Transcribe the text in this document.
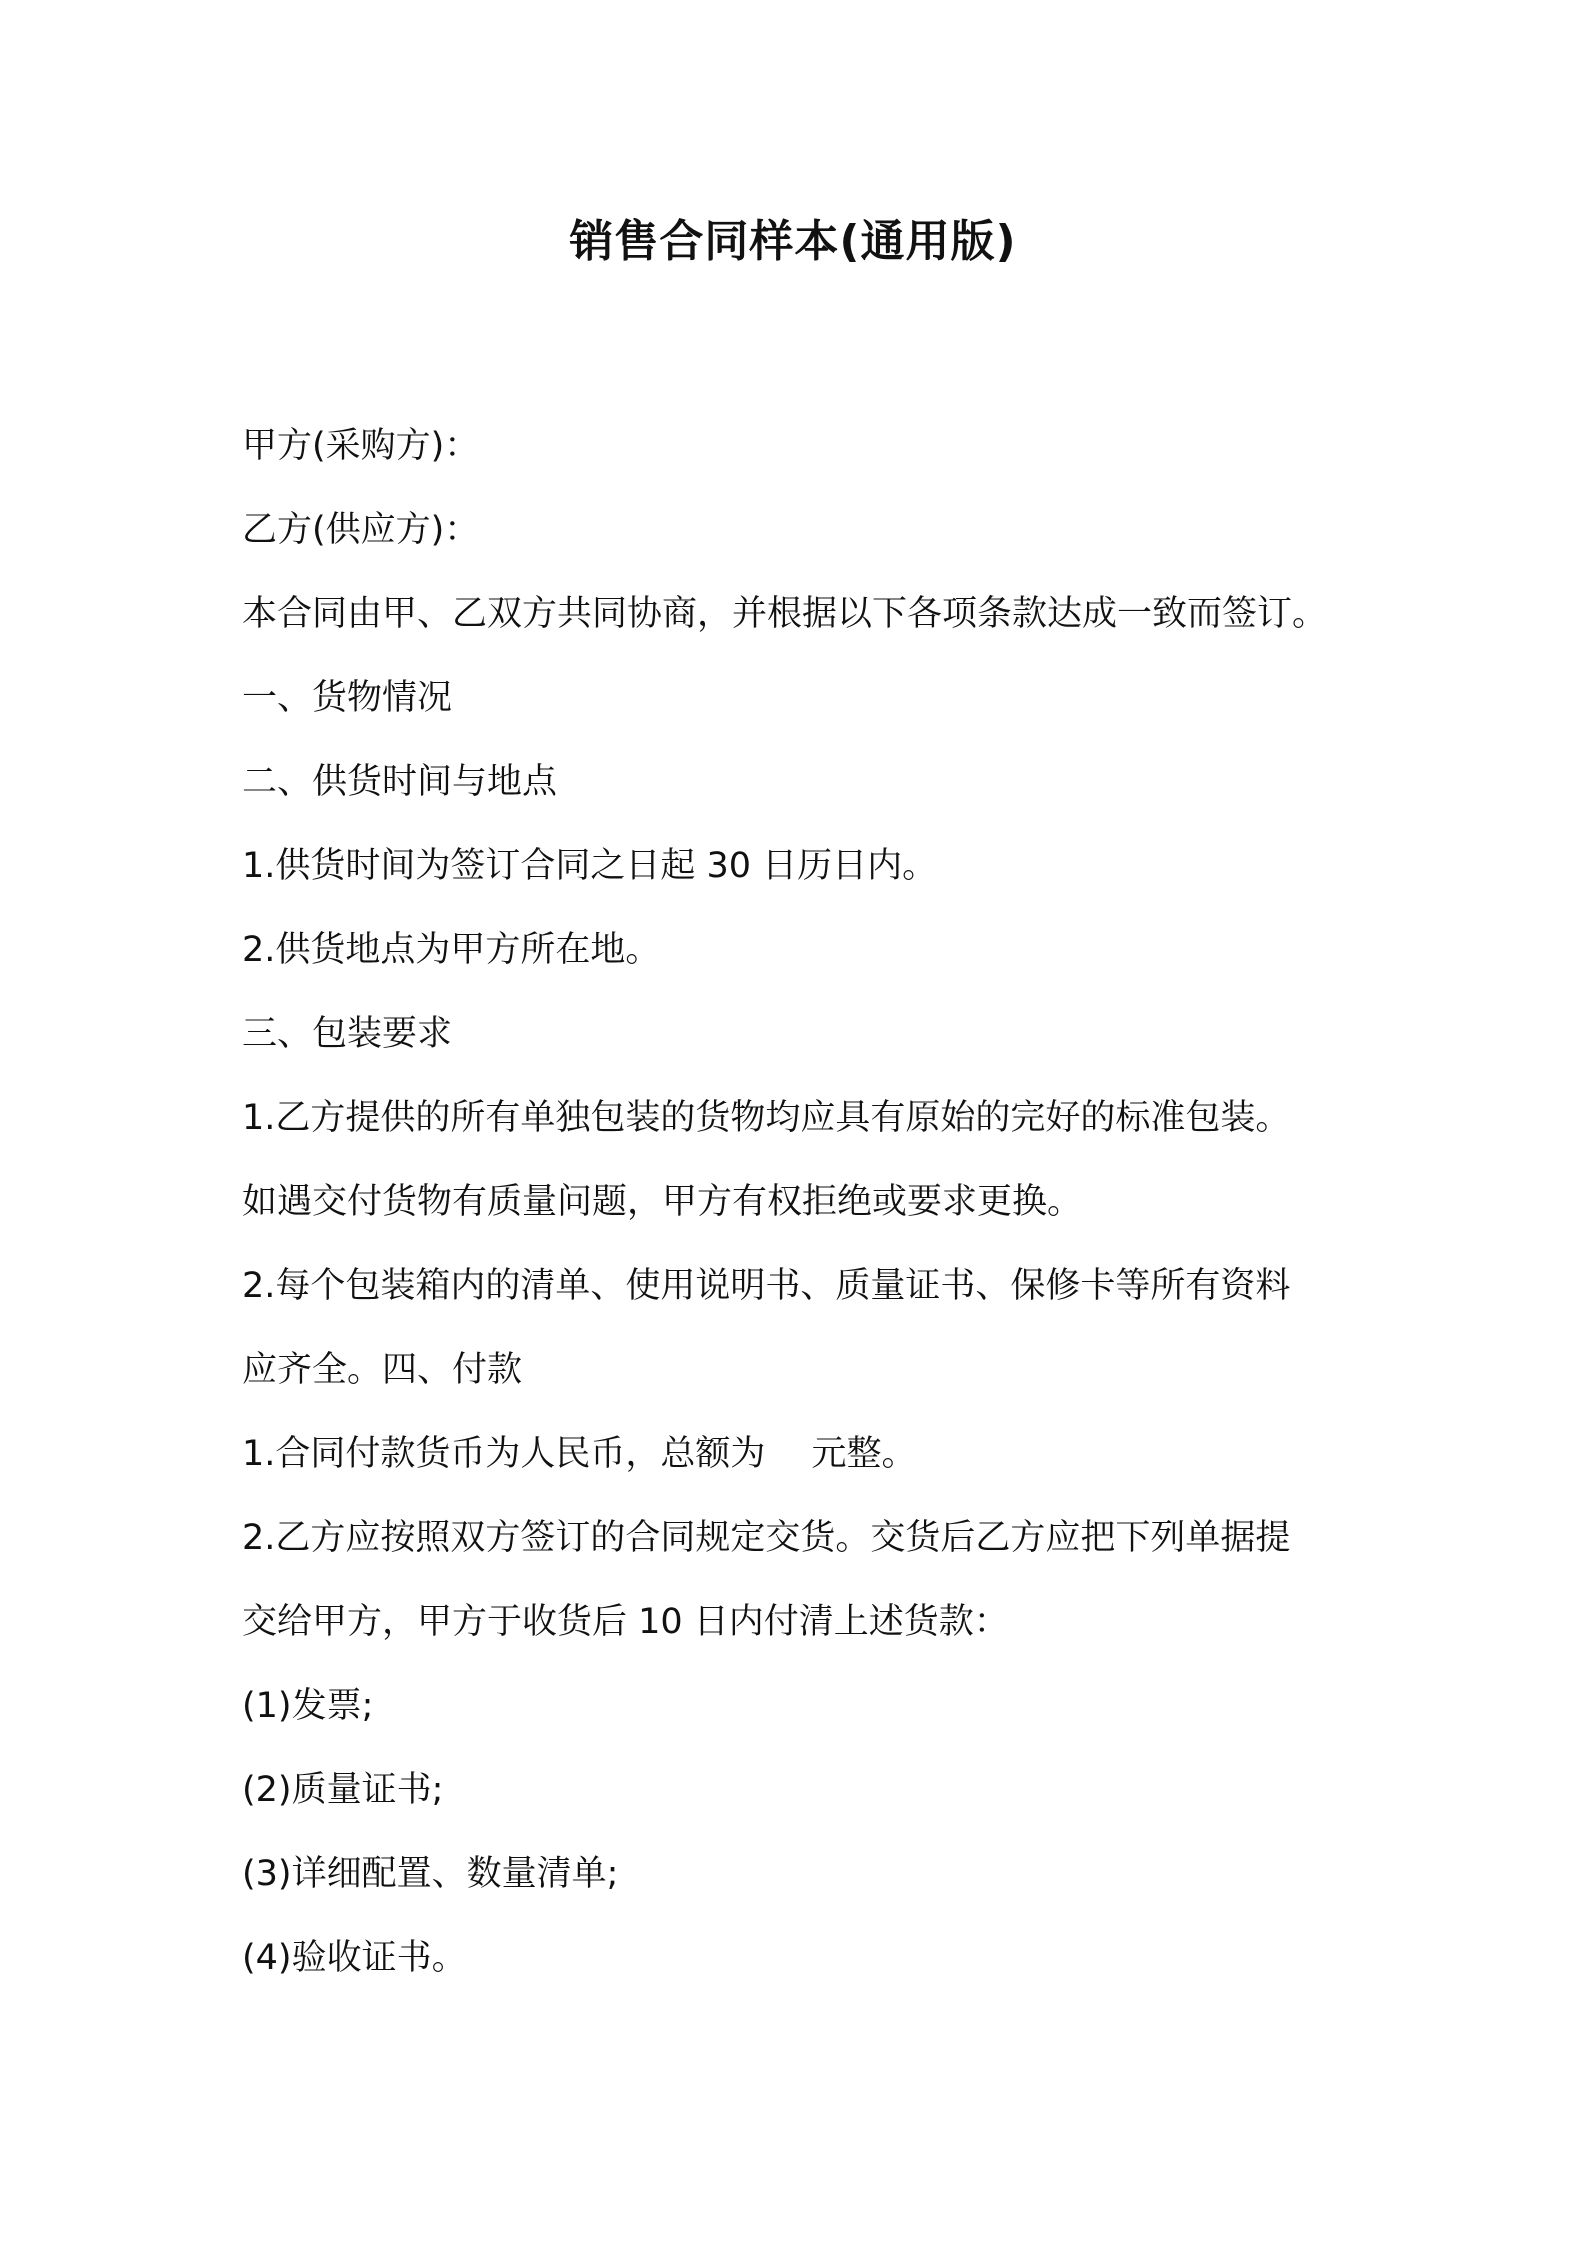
销售合同样本(通用版)
甲方(采购方)：
乙方(供应方)：
本合同由甲、乙双方共同协商，并根据以下各项条款达成一致而签订。
一、货物情况
二、供货时间与地点
1.供货时间为签订合同之日起 30 日历日内。
2.供货地点为甲方所在地。
三、包装要求
1.乙方提供的所有单独包装的货物均应具有原始的完好的标准包装。
如遇交付货物有质量问题，甲方有权拒绝或要求更换。
2.每个包装箱内的清单、使用说明书、质量证书、保修卡等所有资料
应齐全。四、付款
1.合同付款货币为人民币，总额为　 元整。
2.乙方应按照双方签订的合同规定交货。交货后乙方应把下列单据提
交给甲方，甲方于收货后 10 日内付清上述货款：
(1)发票;
(2)质量证书;
(3)详细配置、数量清单;
(4)验收证书。
